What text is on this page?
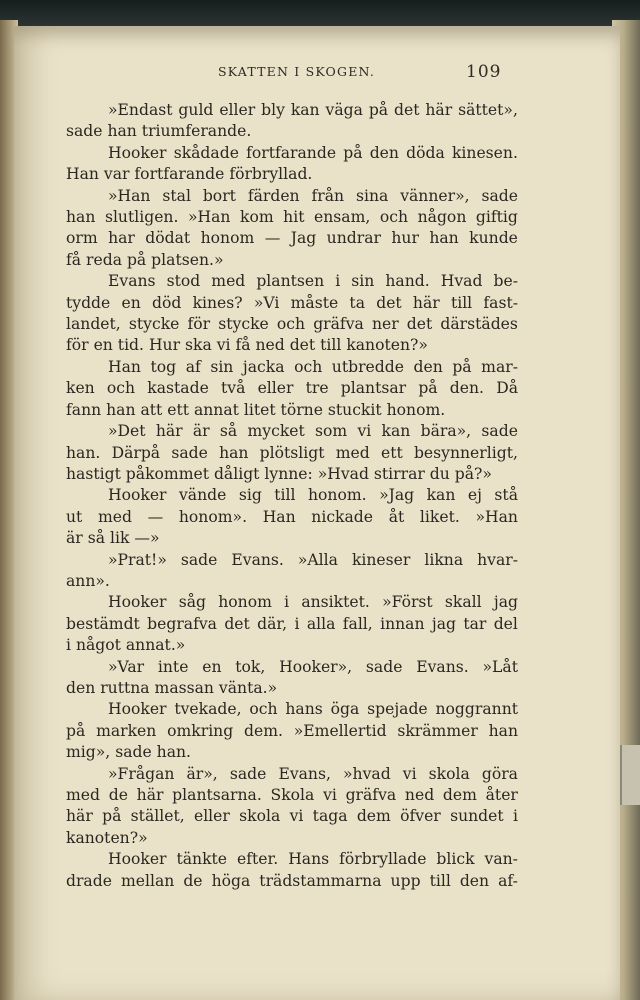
SKATTEN I SKOGEN.	109
»Endast guld eller bly kan väga på det här sättet»,
sade han triumferande.
Hooker skådade fortfarande på den döda kinesen.
Han var fortfarande förbryllad.
»Han stal bort färden från sina vänner», sade
han slutligen. »Han kom hit ensam, och någon giftig
orm har dödat honom — Jag undrar hur han kunde
få reda på platsen.»
Evans stod med plantsen i sin hand. Hvad be-
tydde en död kines? »Vi måste ta det här till fast-
landet, stycke för stycke och gräfva ner det därstädes
för en tid. Hur ska vi få ned det till kanoten?»
Han tog af sin jacka och utbredde den på mar-
ken och kastade två eller tre plantsar på den. Då
fann han att ett annat litet törne stuckit honom.
»Det här är så mycket som vi kan bära», sade
han. Därpå sade han plötsligt med ett besynnerligt,
hastigt påkommet dåligt lynne: »Hvad stirrar du på?»
Hooker vände sig till honom. »Jag kan ej stå
ut med — honom». Han nickade åt liket. »Han
är så lik —»
»Prat!» sade Evans. »Alla kineser likna hvar-
ann».
Hooker såg honom i ansiktet. »Först skall jag
bestämdt begrafva det där, i alla fall, innan jag tar del
i något annat.»
»Var inte en tok, Hooker», sade Evans. »Låt
den ruttna massan vänta.»
Hooker tvekade, och hans öga spejade noggrannt
på marken omkring dem. »Emellertid skrämmer han
mig», sade han.
»Frågan är», sade Evans, »hvad vi skola göra
med de här plantsarna. Skola vi gräfva ned dem åter
här på stället, eller skola vi taga dem öfver sundet i
kanoten?»
Hooker tänkte efter. Hans förbryllade blick van-
drade mellan de höga trädstammarna upp till den af-
